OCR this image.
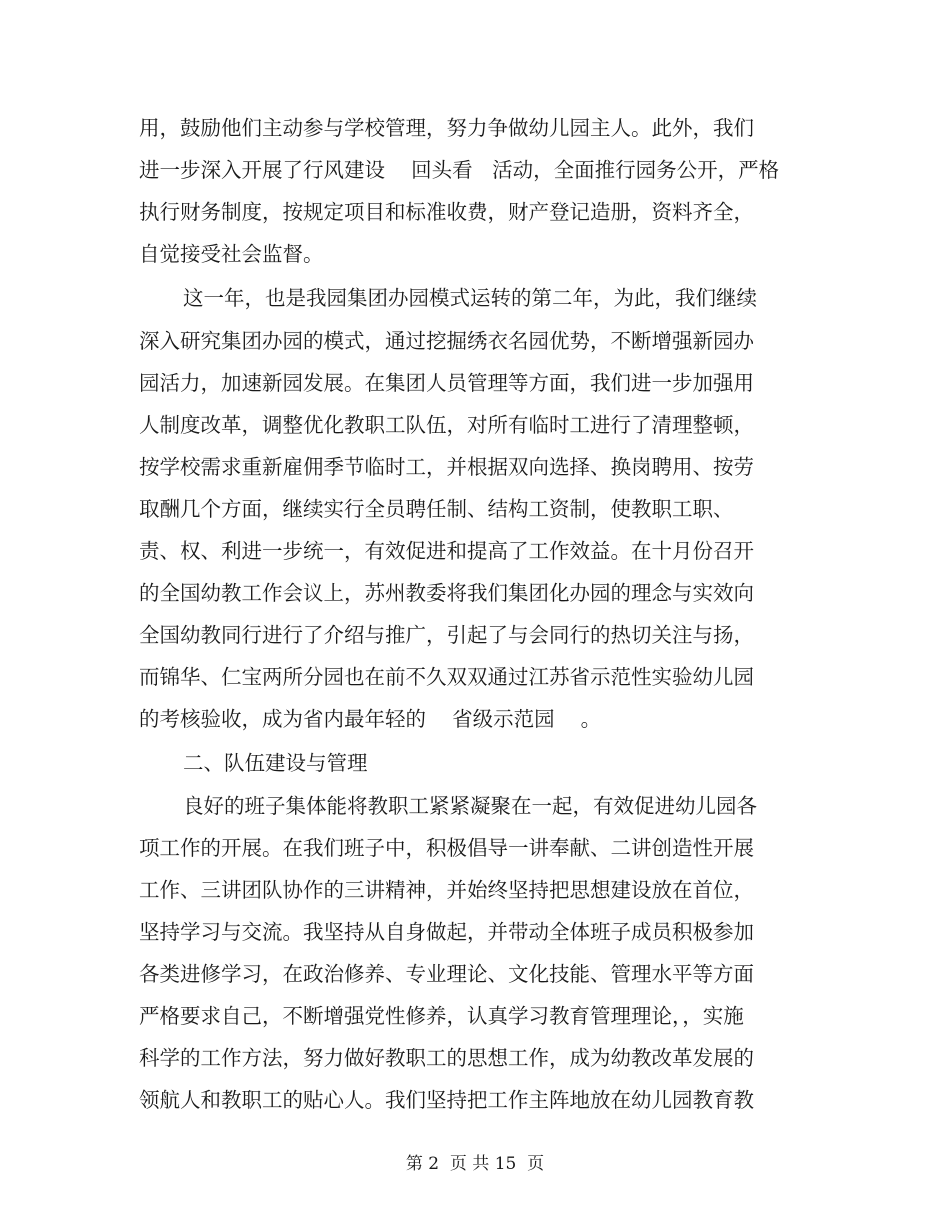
用，鼓励他们主动参与学校管理，努力争做幼儿园主人。此外，我们
进一步深入开展了行风建设    回头看   活动，全面推行园务公开，严格
执行财务制度，按规定项目和标准收费，财产登记造册，资料齐全，
自觉接受社会监督。
这一年，也是我园集团办园模式运转的第二年，为此，我们继续
深入研究集团办园的模式，通过挖掘绣衣名园优势，不断增强新园办
园活力，加速新园发展。在集团人员管理等方面，我们进一步加强用
人制度改革，调整优化教职工队伍，对所有临时工进行了清理整顿，
按学校需求重新雇佣季节临时工，并根据双向选择、换岗聘用、按劳
取酬几个方面，继续实行全员聘任制、结构工资制，使教职工职、
责、权、利进一步统一，有效促进和提高了工作效益。在十月份召开
的全国幼教工作会议上，苏州教委将我们集团化办园的理念与实效向
全国幼教同行进行了介绍与推广，引起了与会同行的热切关注与扬，
而锦华、仁宝两所分园也在前不久双双通过江苏省示范性实验幼儿园
的考核验收，成为省内最年轻的    省级示范园    。
二、队伍建设与管理
良好的班子集体能将教职工紧紧凝聚在一起，有效促进幼儿园各
项工作的开展。在我们班子中，积极倡导一讲奉献、二讲创造性开展
工作、三讲团队协作的三讲精神，并始终坚持把思想建设放在首位，
坚持学习与交流。我坚持从自身做起，并带动全体班子成员积极参加
各类进修学习，在政治修养、专业理论、文化技能、管理水平等方面
严格要求自己，不断增强党性修养，认真学习教育管理理论，，实施
科学的工作方法，努力做好教职工的思想工作，成为幼教改革发展的
领航人和教职工的贴心人。我们坚持把工作主阵地放在幼儿园教育教
第 2  页 共 15  页
